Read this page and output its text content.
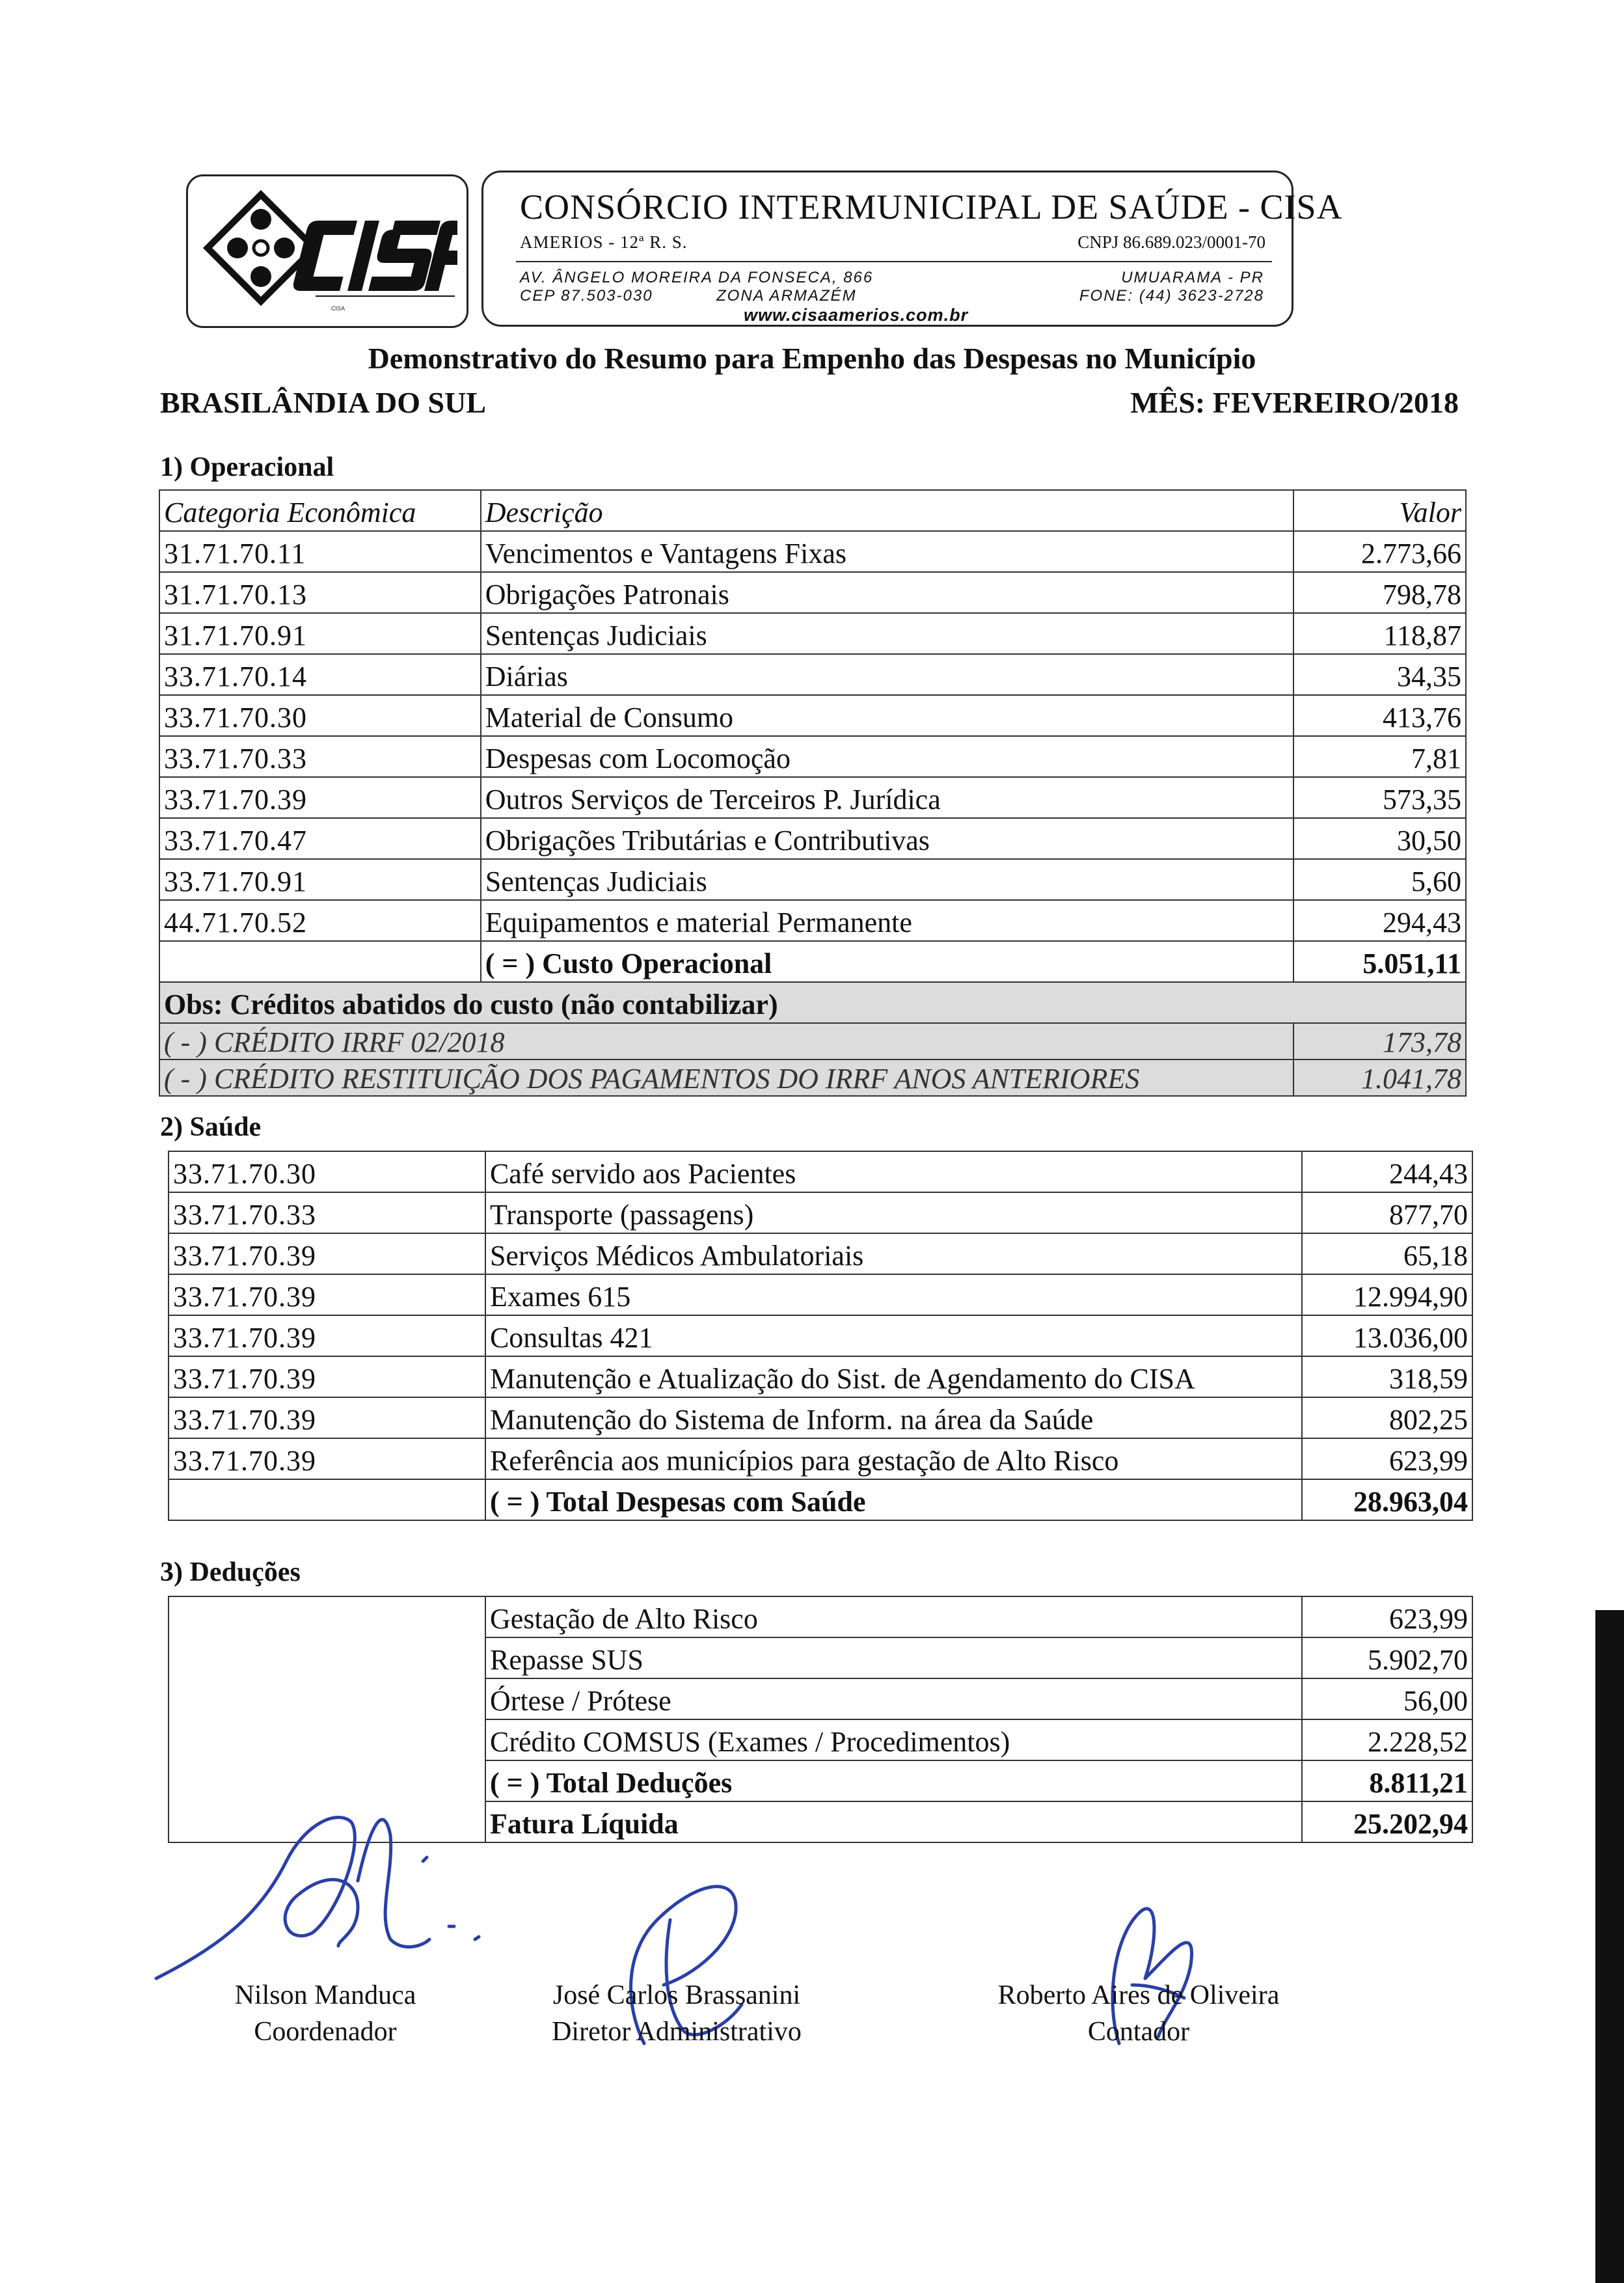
CISA
CONSÓRCIO INTERMUNICIPAL DE SAÚDE - CISA
AMERIOS - 12ª R. S.	CNPJ 86.689.023/0001-70
AV. ÂNGELO MOREIRA DA FONSECA, 866
CEP 87.503-030	ZONA ARMAZÉM
UMUARAMA - PR
FONE: (44) 3623-2728
www.cisaamerios.com.br
Demonstrativo do Resumo para Empenho das Despesas no Município
BRASILÂNDIA DO SUL	MÊS: FEVEREIRO/2018
1) Operacional
Categoria Econômica	Descrição	Valor
31.71.70.11	Vencimentos e Vantagens Fixas	2.773,66
31.71.70.13	Obrigações Patronais	798,78
31.71.70.91	Sentenças Judiciais	118,87
33.71.70.14	Diárias	34,35
33.71.70.30	Material de Consumo	413,76
33.71.70.33	Despesas com Locomoção	7,81
33.71.70.39	Outros Serviços de Terceiros P. Jurídica	573,35
33.71.70.47	Obrigações Tributárias e Contributivas	30,50
33.71.70.91	Sentenças Judiciais	5,60
44.71.70.52	Equipamentos e material Permanente	294,43
	( = ) Custo Operacional	5.051,11
Obs: Créditos abatidos do custo (não contabilizar)		
( - ) CRÉDITO IRRF 02/2018		173,78
( - ) CRÉDITO RESTITUIÇÃO DOS PAGAMENTOS DO IRRF ANOS ANTERIORES		1.041,78
2) Saúde
33.71.70.30	Café servido aos Pacientes	244,43
33.71.70.33	Transporte (passagens)	877,70
33.71.70.39	Serviços Médicos Ambulatoriais	65,18
33.71.70.39	Exames 615	12.994,90
33.71.70.39	Consultas 421	13.036,00
33.71.70.39	Manutenção e Atualização do Sist. de Agendamento do CISA	318,59
33.71.70.39	Manutenção do Sistema de Inform. na área da Saúde	802,25
33.71.70.39	Referência aos municípios para gestação de Alto Risco	623,99
	( = ) Total Despesas com Saúde	28.963,04
3) Deduções
	Gestação de Alto Risco	623,99
	Repasse SUS	5.902,70
	Órtese / Prótese	56,00
	Crédito COMSUS (Exames / Procedimentos)	2.228,52
	( = ) Total Deduções	8.811,21
	Fatura Líquida	25.202,94
Nilson Manduca
Coordenador
José Carlos Brassanini
Diretor Administrativo
Roberto Aires de Oliveira
Contador
